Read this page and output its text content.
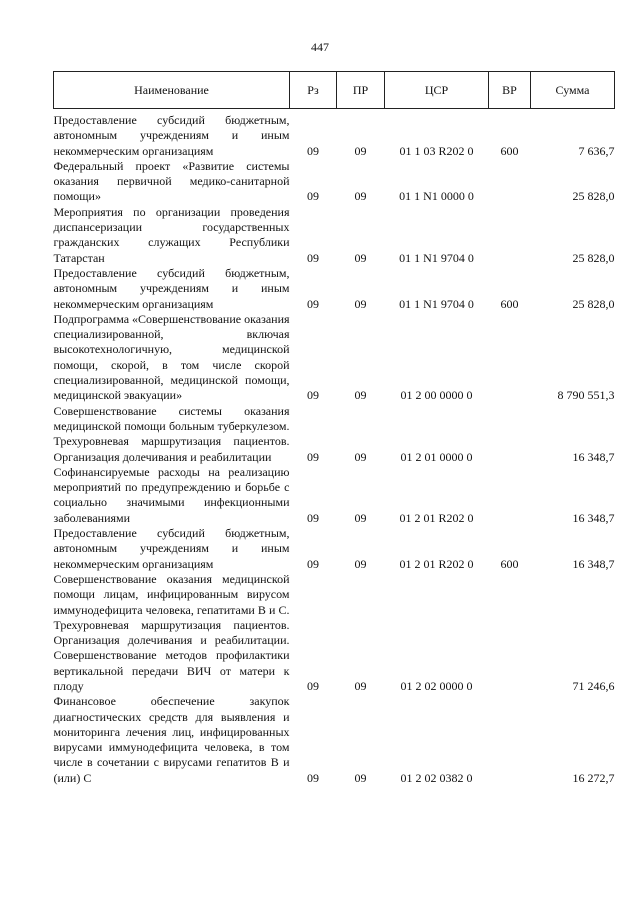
447
Наименование	Рз	ПР	ЦСР	ВР	Сумма

Предоставление субсидий бюджетным, автономным учреждениям и иным некоммерческим организациям	09	09	01 1 03 R202 0	600	7 636,7
Федеральный проект «Развитие системы оказания первичной медико-санитарной помощи»	09	09	01 1 N1 0000 0		25 828,0
Мероприятия по организации проведения диспансеризации государственных гражданских служащих Республики Татарстан	09	09	01 1 N1 9704 0		25 828,0
Предоставление субсидий бюджетным, автономным учреждениям и иным некоммерческим организациям	09	09	01 1 N1 9704 0	600	25 828,0
Подпрограмма «Совершенствование оказания специализированной, включая высокотехнологичную, медицинской помощи, скорой, в том числе скорой специализированной, медицинской помощи, медицинской эвакуации»	09	09	01 2 00 0000 0		8 790 551,3
Совершенствование системы оказания медицинской помощи больным туберкулезом. Трехуровневая маршрутизация пациентов. Организация долечивания и реабилитации	09	09	01 2 01 0000 0		16 348,7
Софинансируемые расходы на реализацию мероприятий по предупреждению и борьбе с социально значимыми инфекционными заболеваниями	09	09	01 2 01 R202 0		16 348,7
Предоставление субсидий бюджетным, автономным учреждениям и иным некоммерческим организациям	09	09	01 2 01 R202 0	600	16 348,7
Совершенствование оказания медицинской помощи лицам, инфицированным вирусом иммунодефицита человека, гепатитами В и С. Трехуровневая маршрутизация пациентов. Организация долечивания и реабилитации. Совершенствование методов профилактики вертикальной передачи ВИЧ от матери к плоду	09	09	01 2 02 0000 0		71 246,6
Финансовое обеспечение закупок диагностических средств для выявления и мониторинга лечения лиц, инфицированных вирусами иммунодефицита человека, в том числе в сочетании с вирусами гепатитов В и (или) С	09	09	01 2 02 0382 0		16 272,7
